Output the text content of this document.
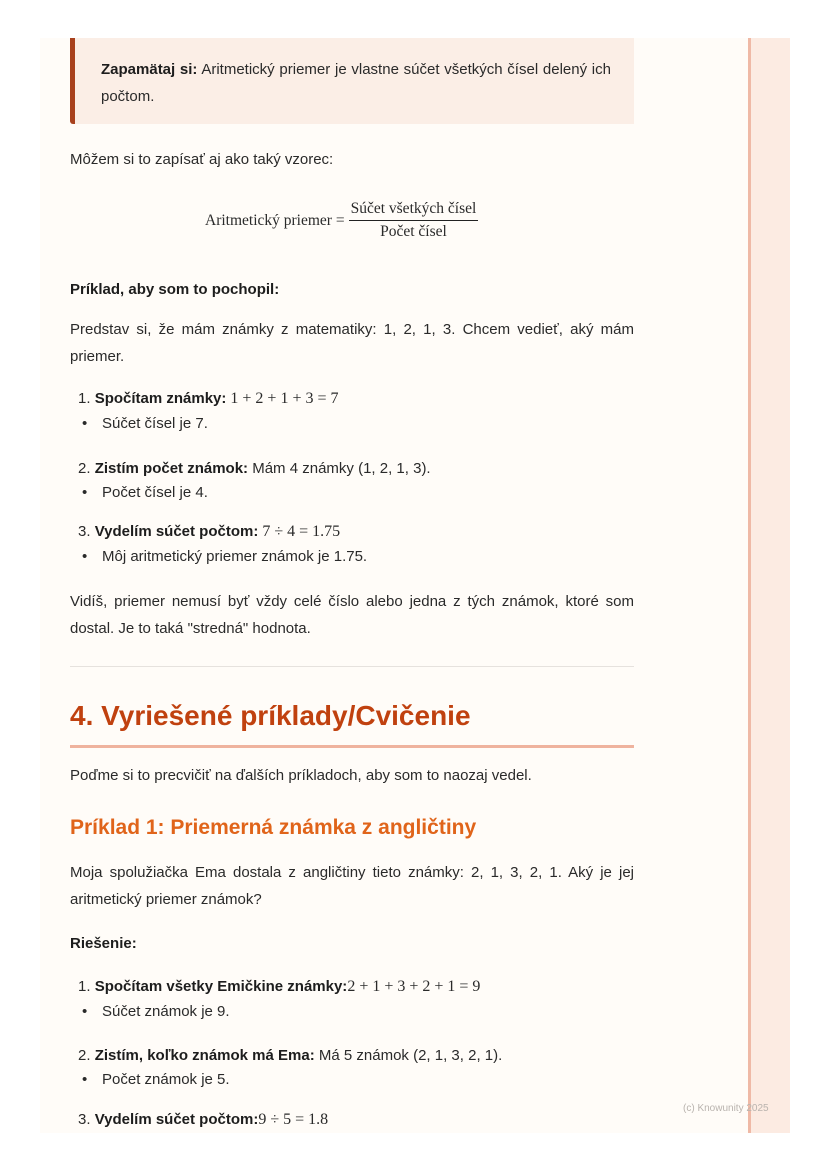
Zapamätaj si: Aritmetický priemer je vlastne súčet všetkých čísel delený ich počtom.

Môžem si to zapísať aj ako taký vzorec:
Aritmetický priemer = $\frac{\text{Súčet všetkých čísel}}{\text{Počet čísel}}$
Príklad, aby som to pochopil:
Predstav si, že mám známky z matematiky: 1, 2, 1, 3. Chcem vedieť, aký mám priemer.
1. Spočítam známky: 1 + 2 + 1 + 3 = 7
• Súčet čísel je 7.
2. Zistím počet známok: Mám 4 známky (1, 2, 1, 3).
• Počet čísel je 4.
3. Vydelím súčet počtom: 7 ÷ 4 = 1.75
• Môj aritmetický priemer známok je 1.75.
Vidíš, priemer nemusí byť vždy celé číslo alebo jedna z tých známok, ktoré som dostal. Je to taká "stredná" hodnota.
4. Vyriešené príklady/Cvičenie
Poďme si to precvičiť na ďalších príkladoch, aby som to naozaj vedel.
Príklad 1: Priemerná známka z angličtiny
Moja spolužiačka Ema dostala z angličtiny tieto známky: 2, 1, 3, 2, 1. Aký je jej aritmetický priemer známok?
Riešenie:
1. Spočítam všetky Emičkine známky:2 + 1 + 3 + 2 + 1 = 9
• Súčet známok je 9.
2. Zistím, koľko známok má Ema: Má 5 známok (2, 1, 3, 2, 1).
• Počet známok je 5.
3. Vydelím súčet počtom:9 ÷ 5 = 1.8
(c) Knowunity 2025
